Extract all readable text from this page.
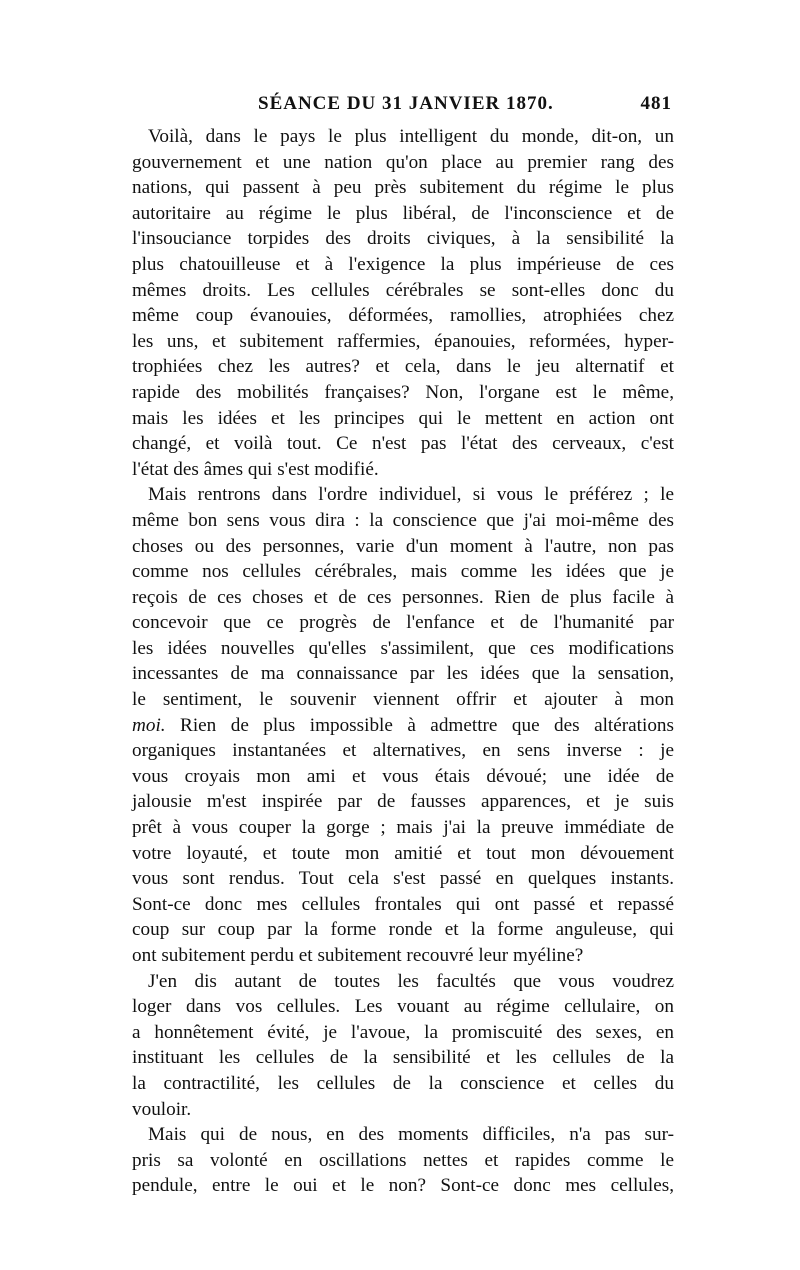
SÉANCE DU 31 JANVIER 1870.	481
Voilà, dans le pays le plus intelligent du monde, dit-on, un
gouvernement et une nation qu'on place au premier rang des
nations, qui passent à peu près subitement du régime le plus
autoritaire au régime le plus libéral, de l'inconscience et de
l'insouciance torpides des droits civiques, à la sensibilité la
plus chatouilleuse et à l'exigence la plus impérieuse de ces
mêmes droits. Les cellules cérébrales se sont-elles donc du
même coup évanouies, déformées, ramollies, atrophiées chez
les uns, et subitement raffermies, épanouies, reformées, hyper-
trophiées chez les autres? et cela, dans le jeu alternatif et
rapide des mobilités françaises? Non, l'organe est le même,
mais les idées et les principes qui le mettent en action ont
changé, et voilà tout. Ce n'est pas l'état des cerveaux, c'est
l'état des âmes qui s'est modifié.
Mais rentrons dans l'ordre individuel, si vous le préférez ; le
même bon sens vous dira : la conscience que j'ai moi-même des
choses ou des personnes, varie d'un moment à l'autre, non pas
comme nos cellules cérébrales, mais comme les idées que je
reçois de ces choses et de ces personnes. Rien de plus facile à
concevoir que ce progrès de l'enfance et de l'humanité par
les idées nouvelles qu'elles s'assimilent, que ces modifications
incessantes de ma connaissance par les idées que la sensation,
le sentiment, le souvenir viennent offrir et ajouter à mon
moi. Rien de plus impossible à admettre que des altérations
organiques instantanées et alternatives, en sens inverse : je
vous croyais mon ami et vous étais dévoué; une idée de
jalousie m'est inspirée par de fausses apparences, et je suis
prêt à vous couper la gorge ; mais j'ai la preuve immédiate de
votre loyauté, et toute mon amitié et tout mon dévouement
vous sont rendus. Tout cela s'est passé en quelques instants.
Sont-ce donc mes cellules frontales qui ont passé et repassé
coup sur coup par la forme ronde et la forme anguleuse, qui
ont subitement perdu et subitement recouvré leur myéline?
J'en dis autant de toutes les facultés que vous voudrez
loger dans vos cellules. Les vouant au régime cellulaire, on
a honnêtement évité, je l'avoue, la promiscuité des sexes, en
instituant les cellules de la sensibilité et les cellules de la
la contractilité, les cellules de la conscience et celles du
vouloir.
Mais qui de nous, en des moments difficiles, n'a pas sur-
pris sa volonté en oscillations nettes et rapides comme le
pendule, entre le oui et le non? Sont-ce donc mes cellules,
